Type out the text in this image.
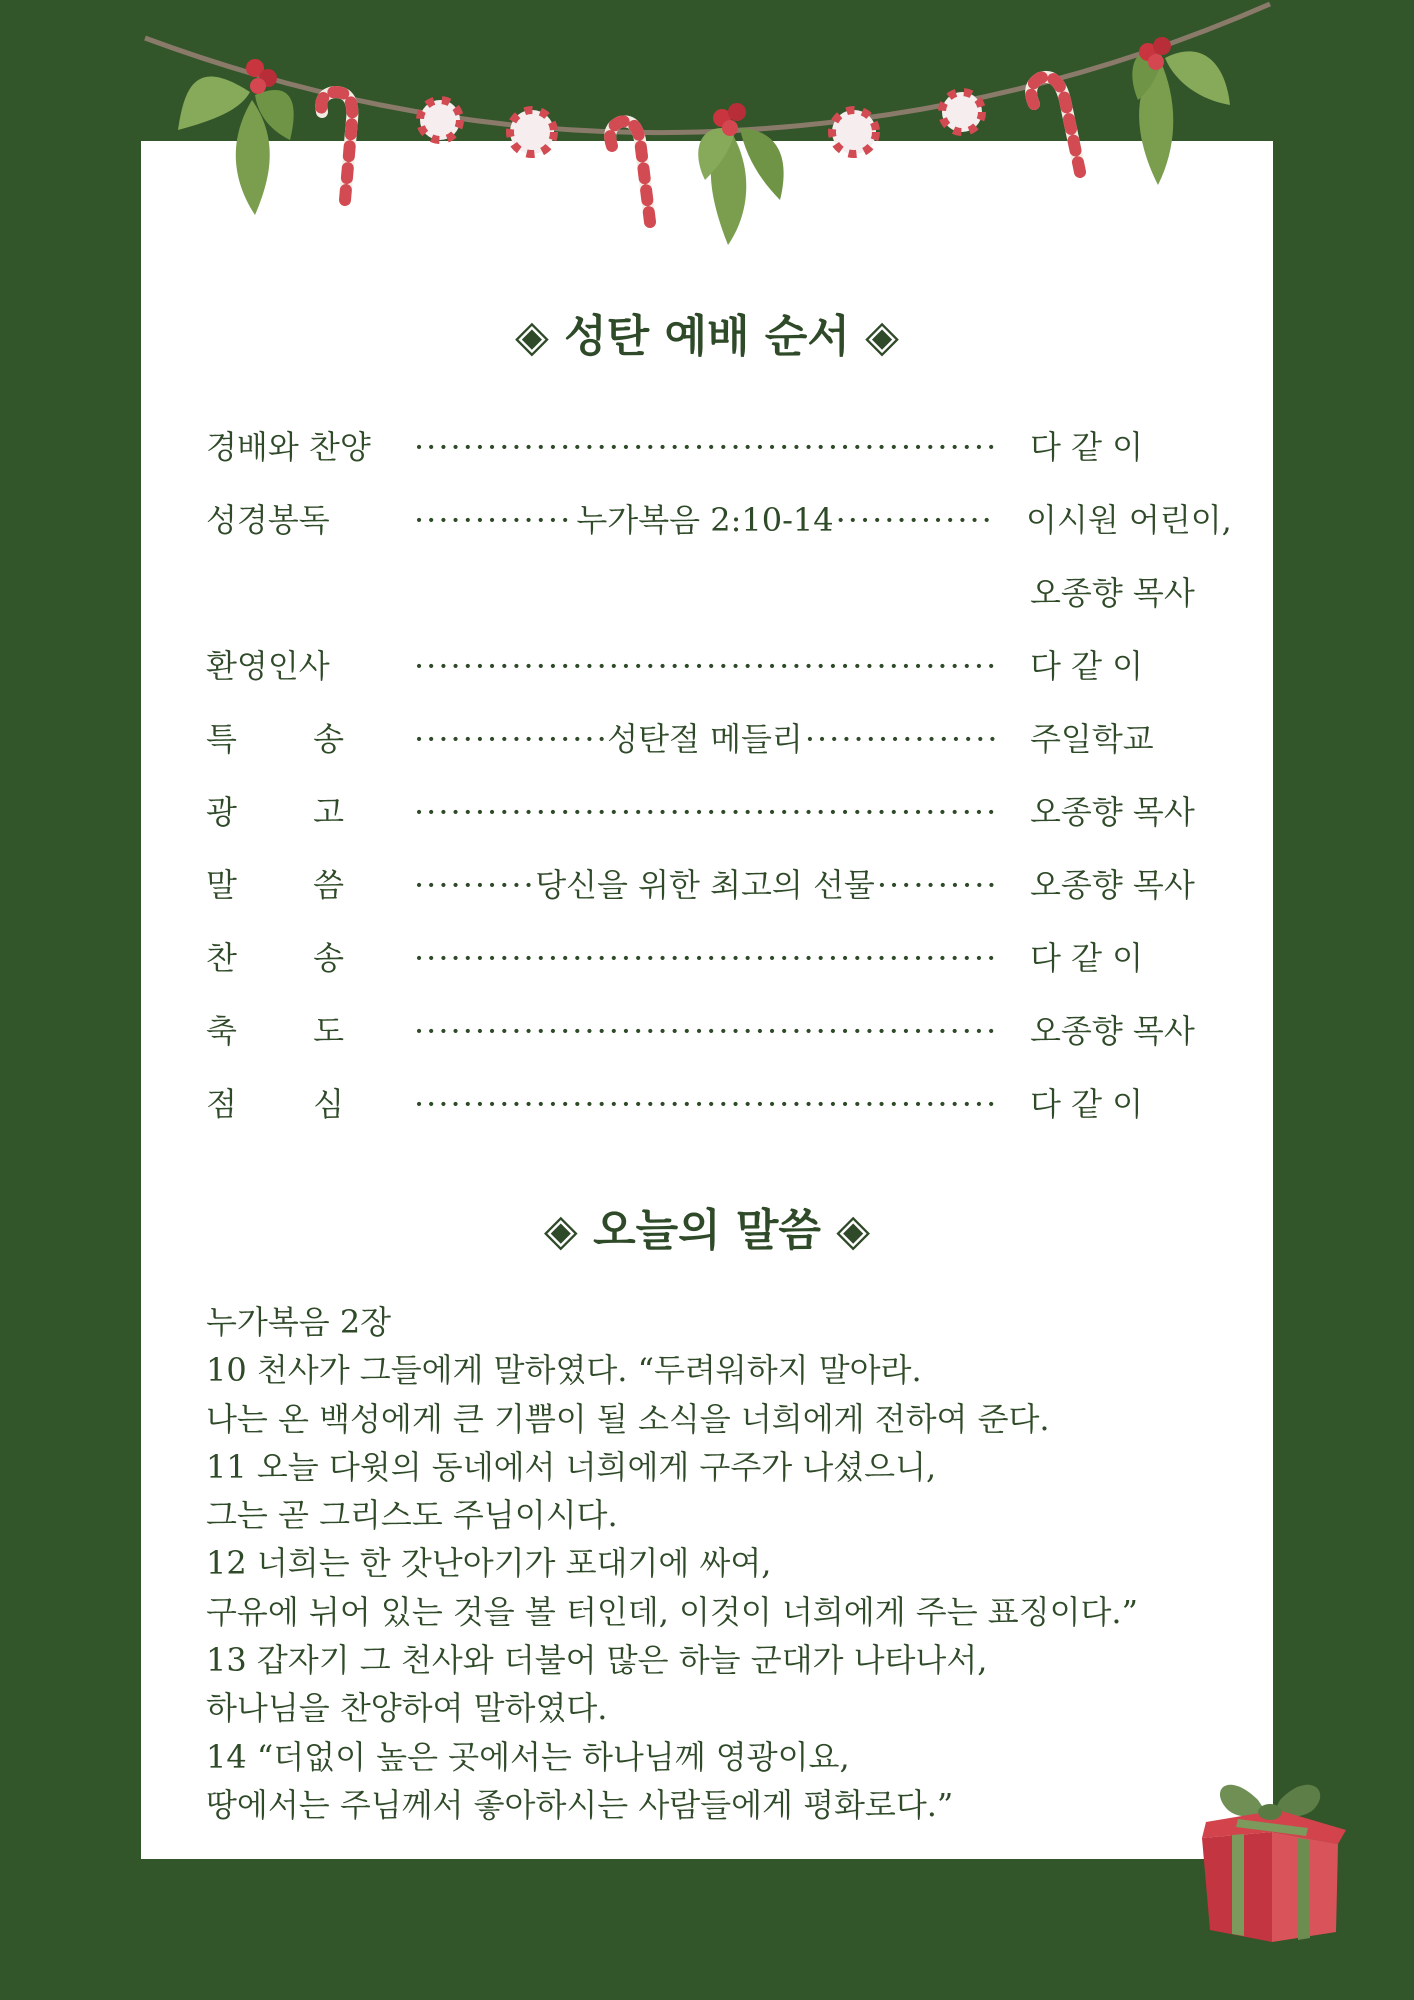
◈ 성탄 예배 순서 ◈
◈ 오늘의 말씀 ◈
경배와 찬양 ·····	다 같 이
성경봉독 ·····	누가복음 2:10-14 ·····	이시원 어린이,
오종향 목사
환영인사 ·····	다 같 이
특 송 ·····	성탄절 메들리 ·····	주일학교
광 고 ·····	오종향 목사
말 씀 ·····	당신을 위한 최고의 선물 ·····	오종향 목사
찬 송 ·····	다 같 이
축 도 ·····	오종향 목사
점 심 ·····	다 같 이

누가복음 2장

10 천사가 그들에게 말하였다. “두려워하지 말아라.

나는 온 백성에게 큰 기쁨이 될 소식을 너희에게 전하여 준다.

11 오늘 다윗의 동네에서 너희에게 구주가 나셨으니,

그는 곧 그리스도 주님이시다.

12 너희는 한 갓난아기가 포대기에 싸여,

구유에 뉘어 있는 것을 볼 터인데, 이것이 너희에게 주는 표징이다.”

13 갑자기 그 천사와 더불어 많은 하늘 군대가 나타나서,

하나님을 찬양하여 말하였다.

14 “더없이 높은 곳에서는 하나님께 영광이요,

땅에서는 주님께서 좋아하시는 사람들에게 평화로다.”
